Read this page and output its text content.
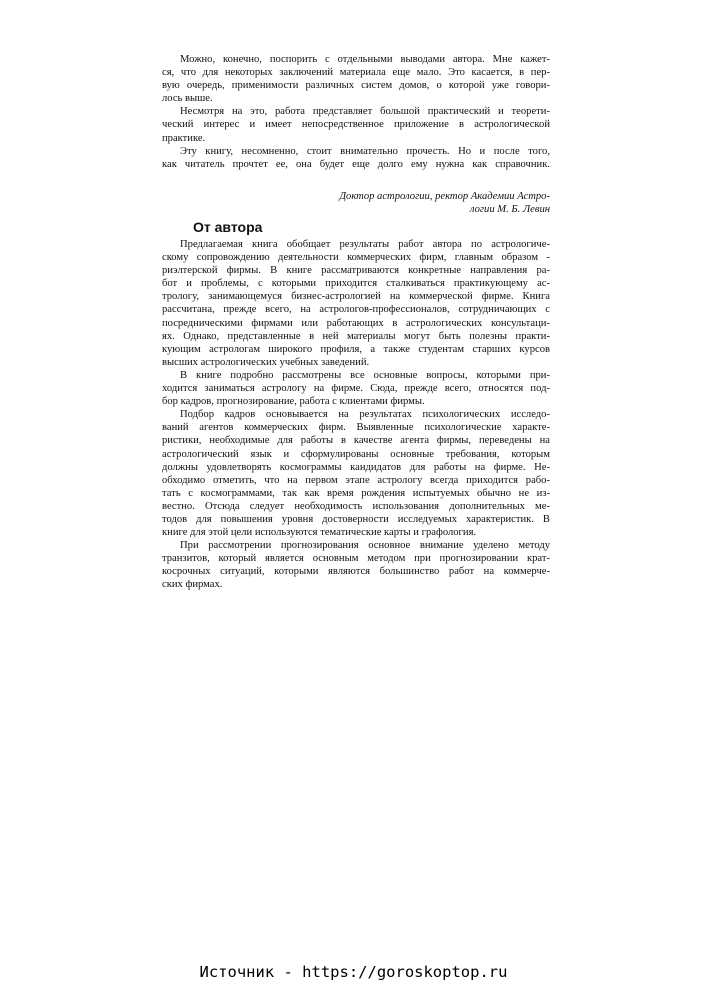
Можно, конечно, поспорить с отдельными выводами автора. Мне кажет-
ся, что для некоторых заключений материала еще мало. Это касается, в пер-
вую очередь, применимости различных систем домов, о которой уже говори-
лось выше.
Несмотря на это, работа представляет большой практический и теорети-
ческий интерес и имеет непосредственное приложение в астрологической
практике.
Эту книгу, несомненно, стоит внимательно прочесть. Но и после того,
как читатель прочтет ее, она будет еще долго ему нужна как справочник.
Доктор астрологии, ректор Академии Астро-
логии М. Б. Левин
От автора
Предлагаемая книга обобщает результаты работ автора по астрологиче-
скому сопровождению деятельности коммерческих фирм, главным образом -
риэлтерской фирмы. В книге рассматриваются конкретные направления ра-
бот и проблемы, с которыми приходится сталкиваться практикующему ас-
трологу, занимающемуся бизнес-астрологией на коммерческой фирме. Книга
рассчитана, прежде всего, на астрологов-профессионалов, сотрудничающих с
посредническими фирмами или работающих в астрологических консультаци-
ях. Однако, представленные в ней материалы могут быть полезны практи-
кующим астрологам широкого профиля, а также студентам старших курсов
высших астрологических учебных заведений.
В книге подробно рассмотрены все основные вопросы, которыми при-
ходится заниматься астрологу на фирме. Сюда, прежде всего, относятся под-
бор кадров, прогнозирование, работа с клиентами фирмы.
Подбор кадров основывается на результатах психологических исследо-
ваний агентов коммерческих фирм. Выявленные психологические характе-
ристики, необходимые для работы в качестве агента фирмы, переведены на
астрологический язык и сформулированы основные требования, которым
должны удовлетворять космограммы кандидатов для работы на фирме. Не-
обходимо отметить, что на первом этапе астрологу всегда приходится рабо-
тать с космограммами, так как время рождения испытуемых обычно не из-
вестно. Отсюда следует необходимость использования дополнительных ме-
тодов для повышения уровня достоверности исследуемых характеристик. В
книге для этой цели используются тематические карты и графология.
При рассмотрении прогнозирования основное внимание уделено методу
транзитов, который является основным методом при прогнозировании крат-
косрочных ситуаций, которыми являются большинство работ на коммерче-
ских фирмах.
Источник - https://goroskoptop.ru
